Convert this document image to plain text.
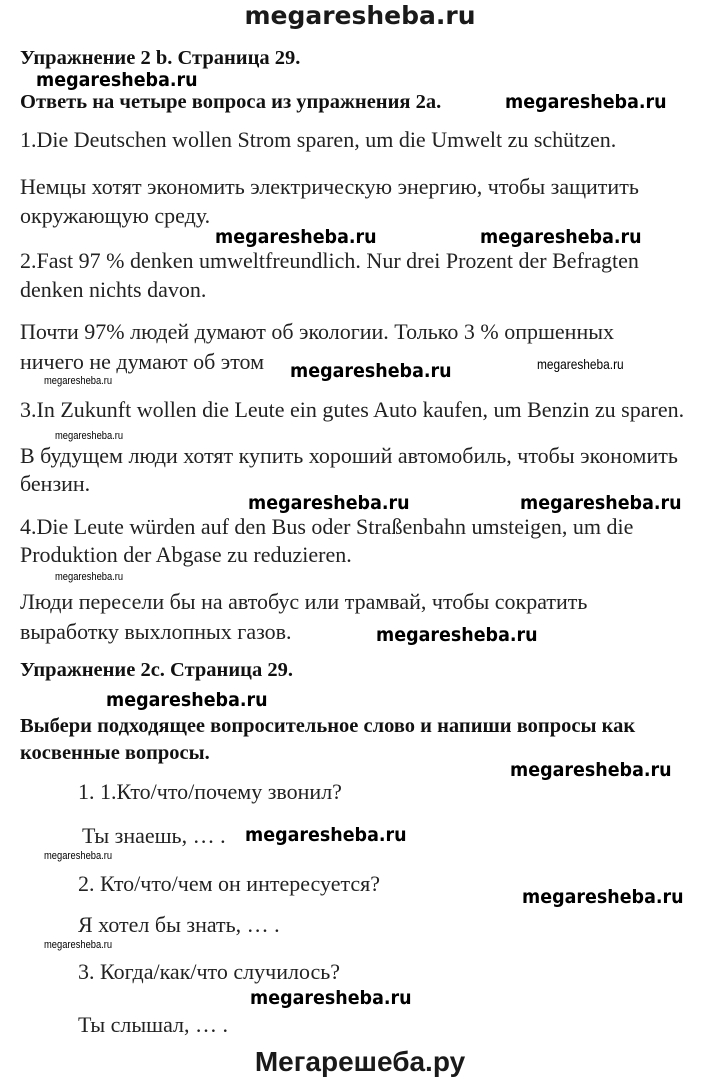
megaresheba.ru
Упражнение 2 b. Страница 29.
Ответь на четыре вопроса из упражнения 2а.
1.Die Deutschen wollen Strom sparen, um die Umwelt zu schützen.
Немцы хотят экономить электрическую энергию, чтобы защитить
окружающую среду.
2.Fast 97 % denken umweltfreundlich. Nur drei Prozent der Befragten
denken nichts davon.
Почти 97% людей думают об экологии. Только 3 % опршенных
ничего не думают об этом
3.In Zukunft wollen die Leute ein gutes Auto kaufen, um Benzin zu sparen.
В будущем люди хотят купить хороший автомобиль, чтобы экономить
бензин.
4.Die Leute würden auf den Bus oder Straßenbahn umsteigen, um die
Produktion der Abgase zu reduzieren.
Люди пересели бы на автобус или трамвай, чтобы сократить
выработку выхлопных газов.
Упражнение 2c. Страница 29.
Выбери подходящее вопросительное слово и напиши вопросы как
косвенные вопросы.
1. 1.Кто/что/почему звонил?
Ты знаешь, … .
2. Кто/что/чем он интересуется?
Я хотел бы знать, … .
3. Когда/как/что случилось?
Ты слышал, … .
megaresheba.ru
megaresheba.ru
megaresheba.ru	megaresheba.ru
megaresheba.ru	megaresheba.ru
megaresheba.ru
megaresheba.ru
megaresheba.ru	megaresheba.ru
megaresheba.ru
megaresheba.ru
megaresheba.ru
megaresheba.ru
megaresheba.ru
megaresheba.ru
megaresheba.ru
megaresheba.ru
megaresheba.ru
Мегарешеба.ру
